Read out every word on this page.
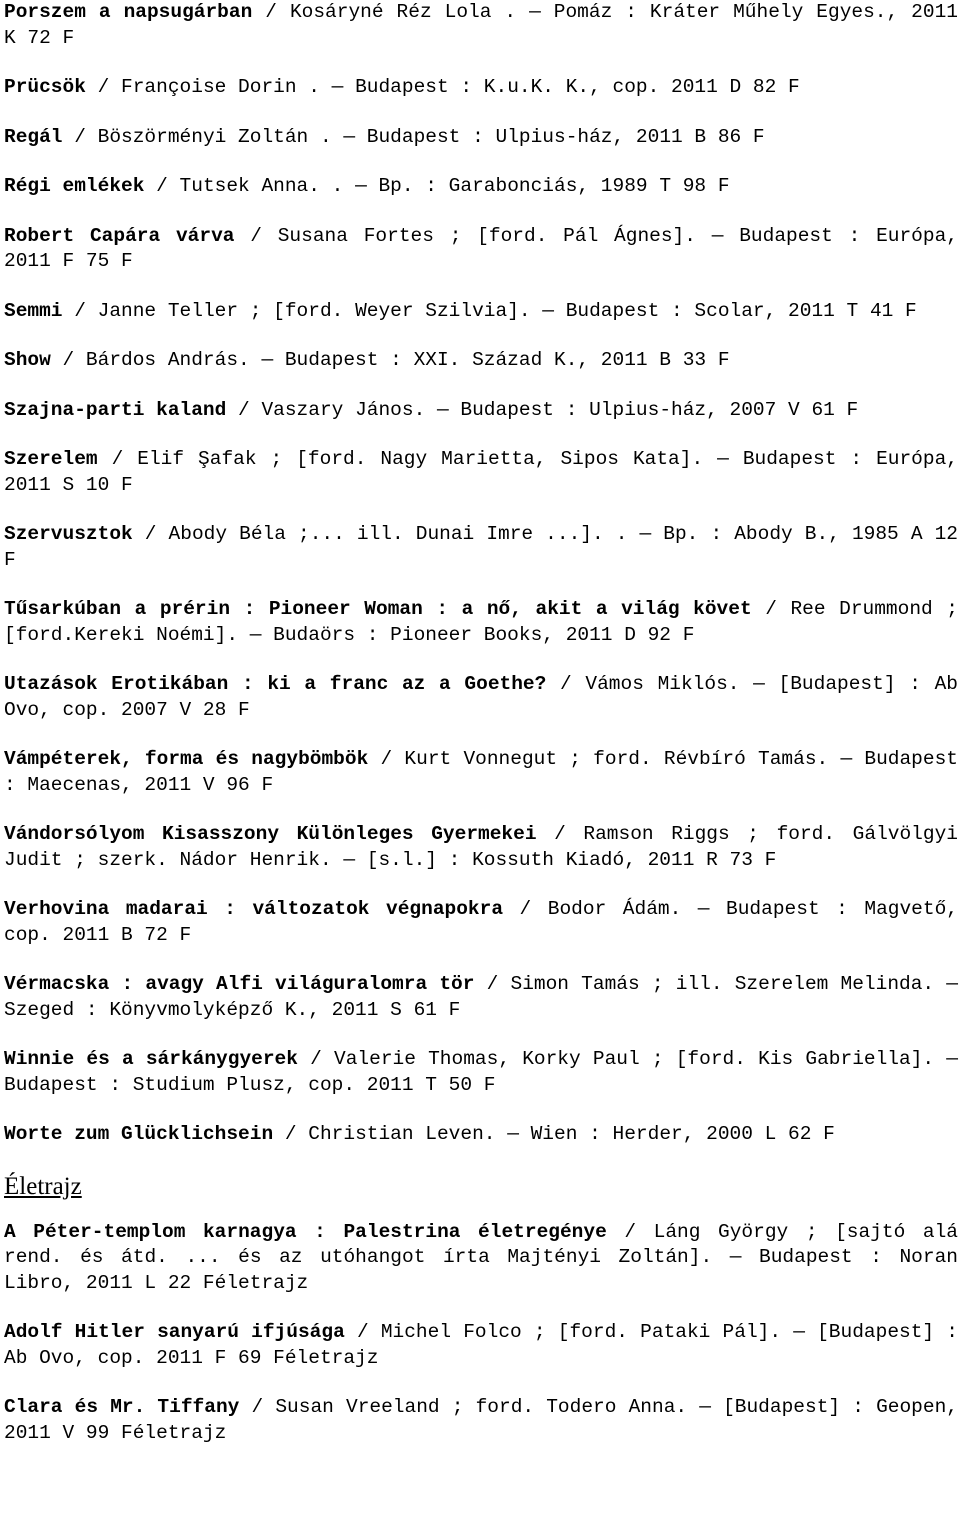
Porszem a napsugárban / Kosáryné Réz Lola . — Pomáz : Kráter Műhely Egyes., 2011 K 72 F

Prücsök / Françoise Dorin . — Budapest : K.u.K. K., cop. 2011 D 82 F

Regál / Böszörményi Zoltán . — Budapest : Ulpius-ház, 2011 B 86 F

Régi emlékek / Tutsek Anna. . — Bp. : Garabonciás, 1989 T 98 F

Robert Capára várva / Susana Fortes ; [ford. Pál Ágnes]. — Budapest : Európa, 2011 F 75 F

Semmi / Janne Teller ; [ford. Weyer Szilvia]. — Budapest : Scolar, 2011 T 41 F

Show / Bárdos András. — Budapest : XXI. Század K., 2011 B 33 F

Szajna-parti kaland / Vaszary János. — Budapest : Ulpius-ház, 2007 V 61 F

Szerelem / Elif Şafak ; [ford. Nagy Marietta, Sipos Kata]. — Budapest : Európa, 2011 S 10 F

Szervusztok / Abody Béla ;... ill. Dunai Imre ...]. . — Bp. : Abody B., 1985 A 12 F

Tűsarkúban a prérin : Pioneer Woman : a nő, akit a világ követ / Ree Drummond ; [ford.Kereki Noémi]. — Budaörs : Pioneer Books, 2011 D 92 F

Utazások Erotikában : ki a franc az a Goethe? / Vámos Miklós. — [Budapest] : Ab Ovo, cop. 2007 V 28 F

Vámpéterek, forma és nagybömbök / Kurt Vonnegut ; ford. Révbíró Tamás. — Budapest : Maecenas, 2011 V 96 F

Vándorsólyom Kisasszony Különleges Gyermekei / Ramson Riggs ; ford. Gálvölgyi Judit ; szerk. Nádor Henrik. — [s.l.] : Kossuth Kiadó, 2011 R 73 F

Verhovina madarai : változatok végnapokra / Bodor Ádám. — Budapest : Magvető, cop. 2011 B 72 F

Vérmacska : avagy Alfi világuralomra tör / Simon Tamás ; ill. Szerelem Melinda. — Szeged : Könyvmolyképző K., 2011 S 61 F

Winnie és a sárkánygyerek / Valerie Thomas, Korky Paul ; [ford. Kis Gabriella]. — Budapest : Studium Plusz, cop. 2011 T 50 F

Worte zum Glücklichsein / Christian Leven. — Wien : Herder, 2000 L 62 F

Életrajz

A Péter-templom karnagya : Palestrina életregénye / Láng György ; [sajtó alá rend. és átd. ... és az utóhangot írta Majtényi Zoltán]. — Budapest : Noran Libro, 2011 L 22 Féletrajz

Adolf Hitler sanyarú ifjúsága / Michel Folco ; [ford. Pataki Pál]. — [Budapest] : Ab Ovo, cop. 2011 F 69 Féletrajz

Clara és Mr. Tiffany / Susan Vreeland ; ford. Todero Anna. — [Budapest] : Geopen, 2011 V 99 Féletrajz
